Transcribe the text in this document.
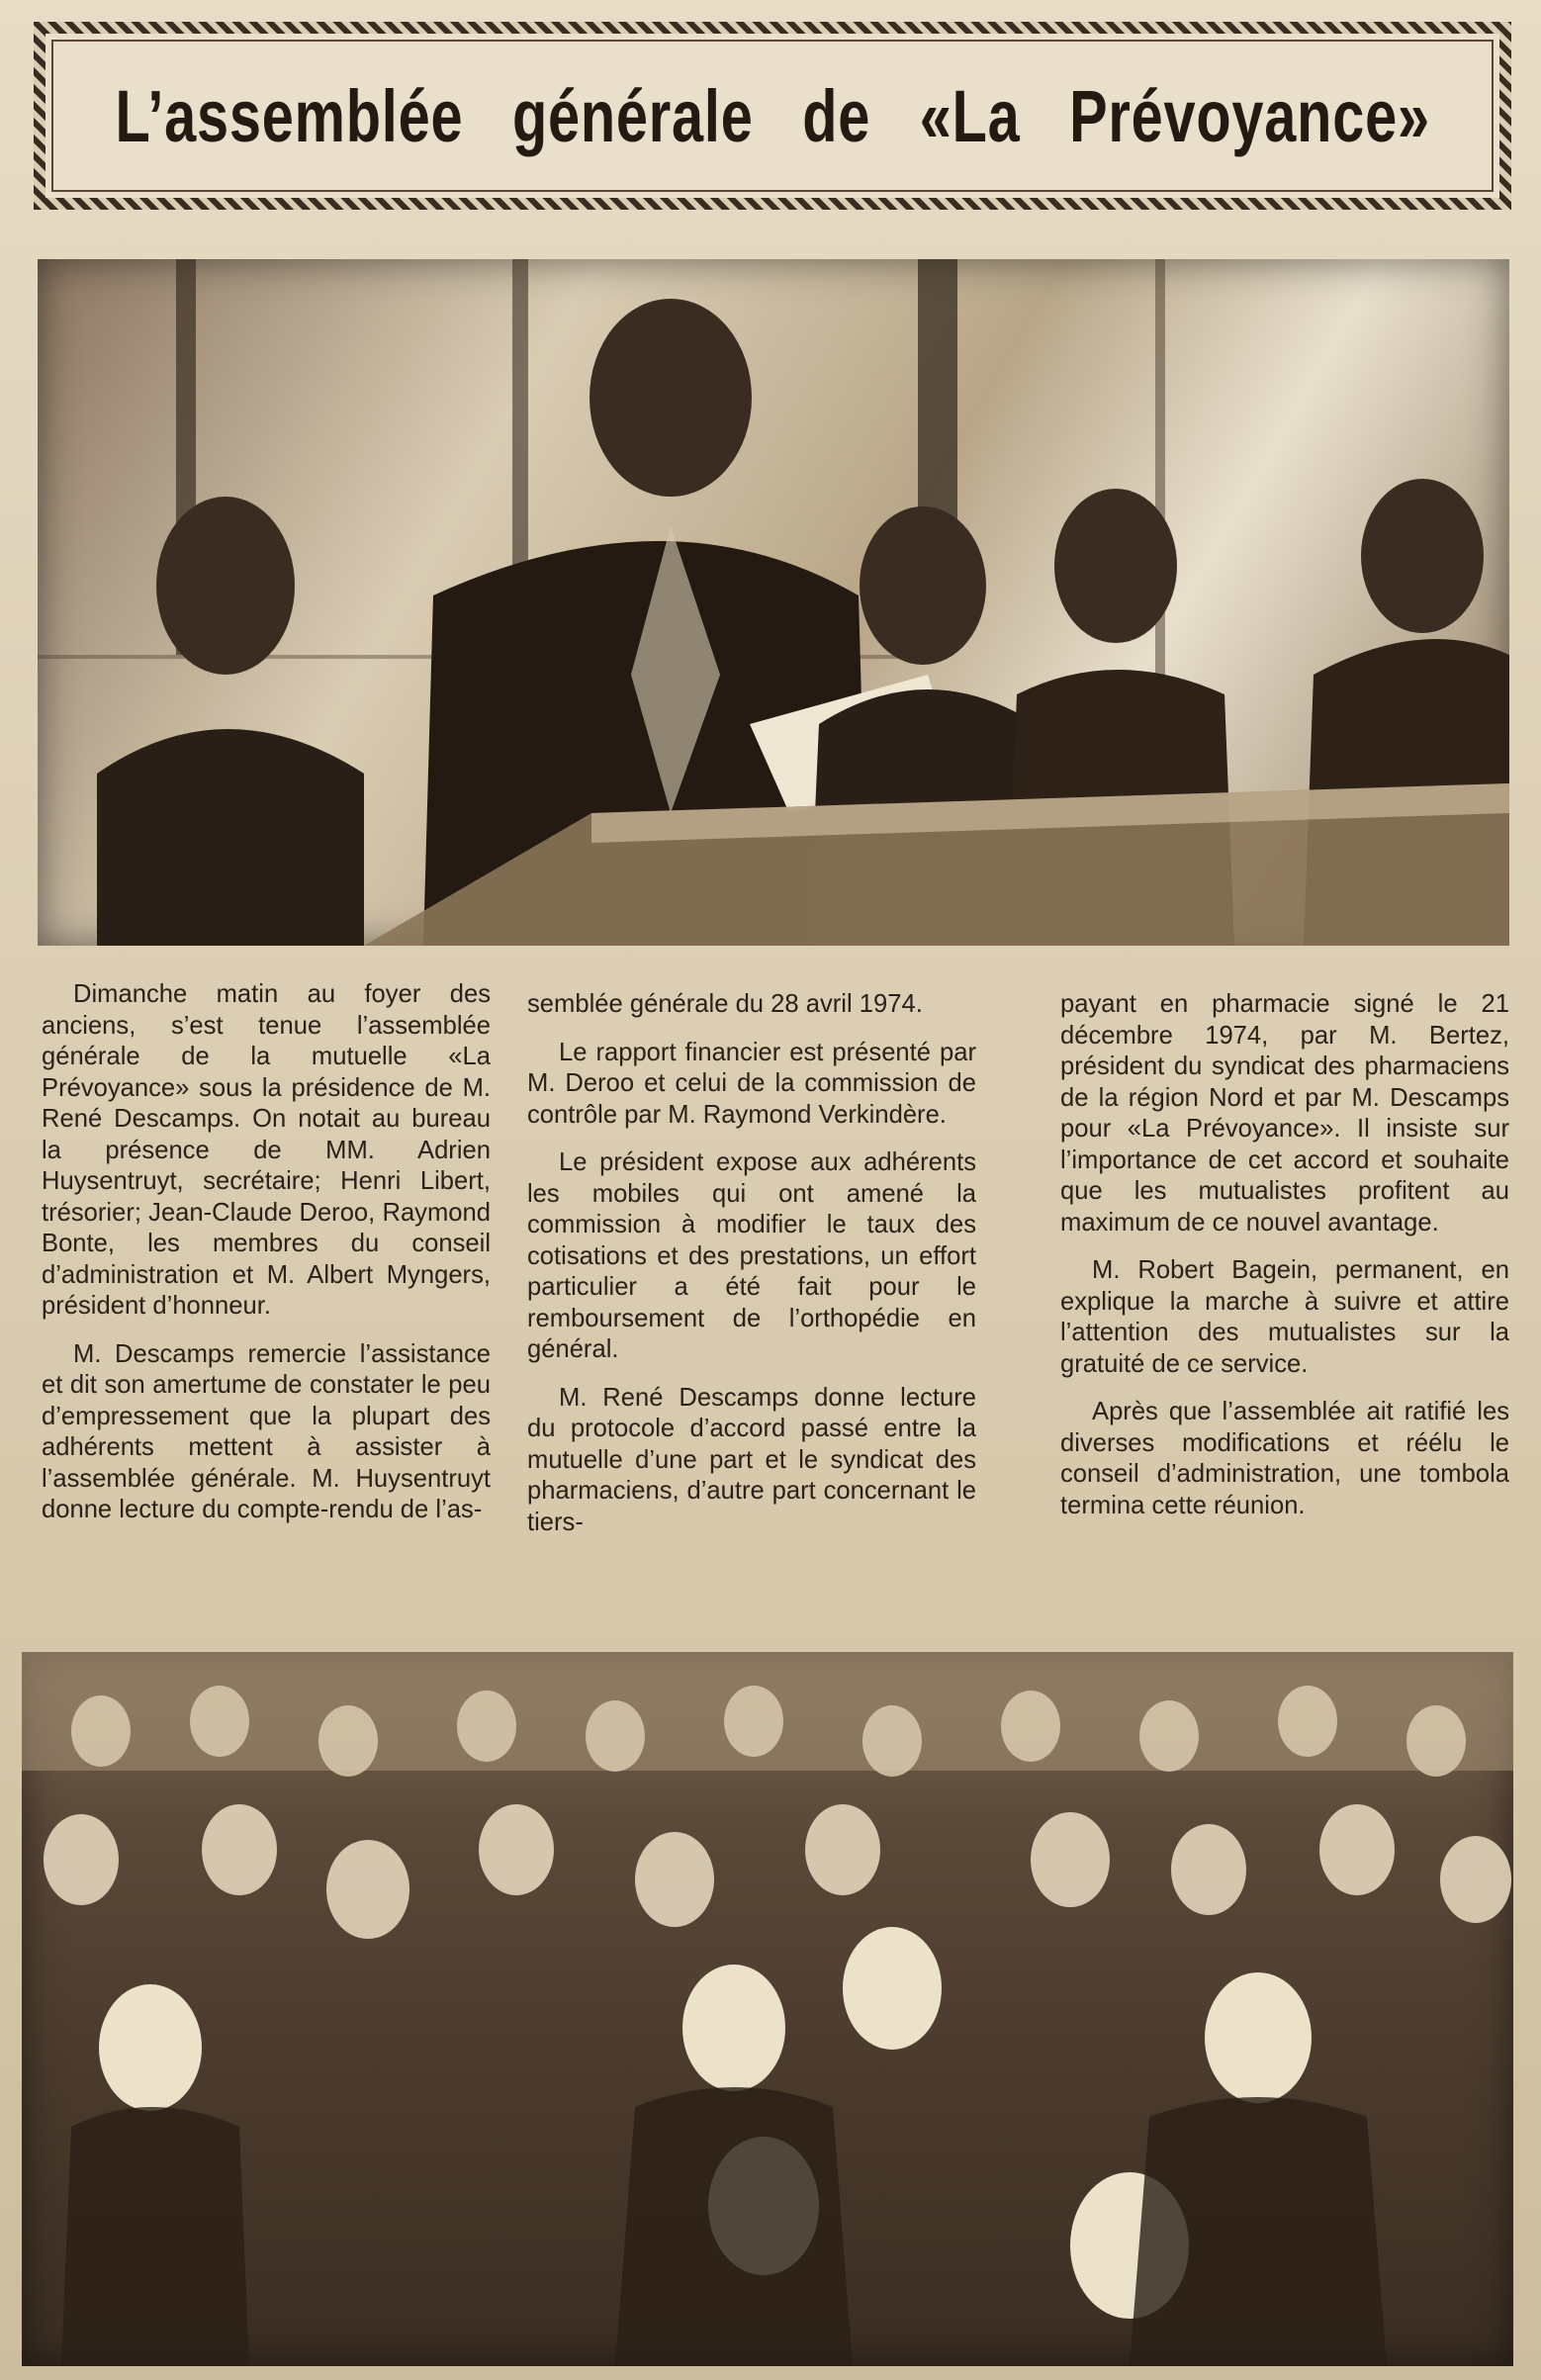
L’assemblée générale de «La Prévoyance»

Dimanche matin au foyer des anciens, s’est tenue l’assemblée générale de la mutuelle «La Prévoyance» sous la présidence de M. René Descamps. On notait au bureau la présence de MM. Adrien Huysentruyt, secrétaire; Henri Libert, trésorier; Jean-Claude Deroo, Raymond Bonte, les membres du conseil d’administration et M. Albert Myngers, président d’honneur.

M. Descamps remercie l’assistance et dit son amertume de constater le peu d’empressement que la plupart des adhérents mettent à assister à l’assemblée générale. M. Huysentruyt donne lecture du compte-rendu de l’as-

semblée générale du 28 avril 1974.

Le rapport financier est présenté par M. Deroo et celui de la commission de contrôle par M. Raymond Verkindère.

Le président expose aux adhérents les mobiles qui ont amené la commission à modifier le taux des cotisations et des prestations, un effort particulier a été fait pour le remboursement de l’orthopédie en général.

M. René Descamps donne lecture du protocole d’accord passé entre la mutuelle d’une part et le syndicat des pharmaciens, d’autre part concernant le tiers-

payant en pharmacie signé le 21 décembre 1974, par M. Bertez, président du syndicat des pharmaciens de la région Nord et par M. Descamps pour «La Prévoyance». Il insiste sur l’importance de cet accord et souhaite que les mutualistes profitent au maximum de ce nouvel avantage.

M. Robert Bagein, permanent, en explique la marche à suivre et attire l’attention des mutualistes sur la gratuité de ce service.

Après que l’assemblée ait ratifié les diverses modifications et réélu le conseil d’administration, une tombola termina cette réunion.
